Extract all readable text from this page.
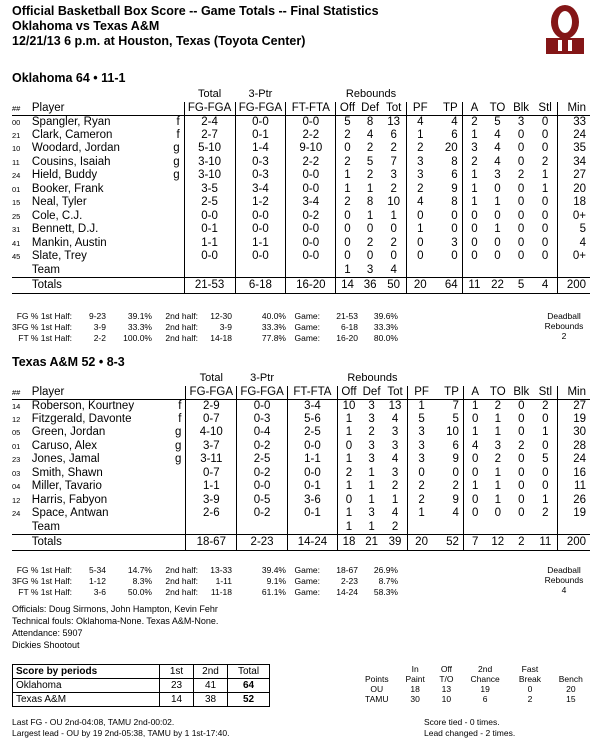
Official Basketball Box Score -- Game Totals -- Final Statistics
Oklahoma vs Texas A&M
12/21/13 6 p.m. at Houston, Texas (Toyota Center)
Oklahoma 64 • 11-1
			Total	3-Ptr		Rebounds									
##	Player		FG-FGA	FG-FGA	FT-FTA	Off	Def	Tot	PF	TP	A	TO	Blk	Stl	Min
00	Spangler, Ryan	f	2-4	0-0	0-0	5	8	13	4	4	2	5	3	0	33
21	Clark, Cameron	f	2-7	0-1	2-2	2	4	6	1	6	1	4	0	0	24
10	Woodard, Jordan	g	5-10	1-4	9-10	0	2	2	2	20	3	4	0	0	35
11	Cousins, Isaiah	g	3-10	0-3	2-2	2	5	7	3	8	2	4	0	2	34
24	Hield, Buddy	g	3-10	0-3	0-0	1	2	3	3	6	1	3	2	1	27
01	Booker, Frank		3-5	3-4	0-0	1	1	2	2	9	1	0	0	1	20
15	Neal, Tyler		2-5	1-2	3-4	2	8	10	4	8	1	1	0	0	18
25	Cole, C.J.		0-0	0-0	0-2	0	1	1	0	0	0	0	0	0	0+
31	Bennett, D.J.		0-1	0-0	0-0	0	0	0	1	0	0	1	0	0	5
41	Mankin, Austin		1-1	1-1	0-0	0	2	2	0	3	0	0	0	0	4
45	Slate, Trey		0-0	0-0	0-0	0	0	0	0	0	0	0	0	0	0+
	Team					1	3	4							
	Totals		21-53	6-18	16-20	14	36	50	20	64	11	22	5	4	200
FG % 1st Half:	9-23	39.1%	2nd half:	12-30	40.0%	Game:	21-53	39.6%
3FG % 1st Half:	3-9	33.3%	2nd half:	3-9	33.3%	Game:	6-18	33.3%
FT % 1st Half:	2-2	100.0%	2nd half:	14-18	77.8%	Game:	16-20	80.0%
Deadball
Rebounds
2
Texas A&M 52 • 8-3
			Total	3-Ptr		Rebounds									
##	Player		FG-FGA	FG-FGA	FT-FTA	Off	Def	Tot	PF	TP	A	TO	Blk	Stl	Min
14	Roberson, Kourtney	f	2-9	0-0	3-4	10	3	13	1	7	1	2	0	2	27
12	Fitzgerald, Davonte	f	0-7	0-3	5-6	1	3	4	5	5	0	1	0	0	19
05	Green, Jordan	g	4-10	0-4	2-5	1	2	3	3	10	1	1	0	1	30
01	Caruso, Alex	g	3-7	0-2	0-0	0	3	3	3	6	4	3	2	0	28
23	Jones, Jamal	g	3-11	2-5	1-1	1	3	4	3	9	0	2	0	5	24
03	Smith, Shawn		0-7	0-2	0-0	2	1	3	0	0	0	1	0	0	16
04	Miller, Tavario		1-1	0-0	0-1	1	1	2	2	2	1	1	0	0	11
12	Harris, Fabyon		3-9	0-5	3-6	0	1	1	2	9	0	1	0	1	26
24	Space, Antwan		2-6	0-2	0-1	1	3	4	1	4	0	0	0	2	19
	Team					1	1	2							
	Totals		18-67	2-23	14-24	18	21	39	20	52	7	12	2	11	200
FG % 1st Half:	5-34	14.7%	2nd half:	13-33	39.4%	Game:	18-67	26.9%
3FG % 1st Half:	1-12	8.3%	2nd half:	1-11	9.1%	Game:	2-23	8.7%
FT % 1st Half:	3-6	50.0%	2nd half:	11-18	61.1%	Game:	14-24	58.3%
Deadball
Rebounds
4
Officials: Doug Sirmons, John Hampton, Kevin Fehr
Technical fouls: Oklahoma-None. Texas A&M-None.
Attendance: 5907
Dickies Shootout
Score by periods	1st	2nd	Total
Oklahoma	23	41	64
Texas A&M	14	38	52
	In	Off	2nd	Fast	
Points	Paint	T/O	Chance	Break	Bench
OU	18	13	19	0	20
TAMU	30	10	6	2	15
Last FG - OU 2nd-04:08, TAMU 2nd-00:02.
Largest lead - OU by 19 2nd-05:38, TAMU by 1 1st-17:40.
Score tied - 0 times.
Lead changed - 2 times.
